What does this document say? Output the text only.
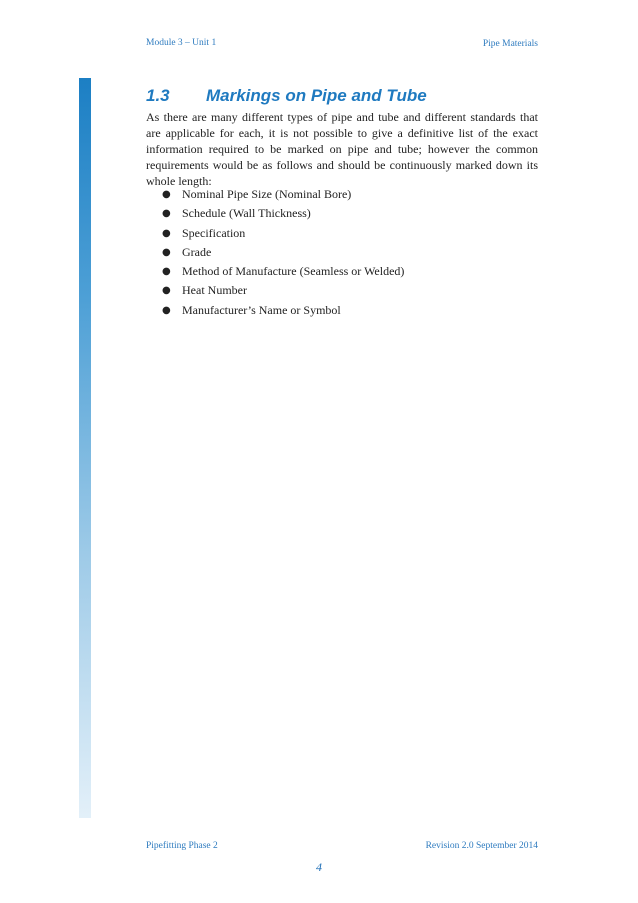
Module 3 – Unit 1	Pipe Materials
1.3 Markings on Pipe and Tube

As there are many different types of pipe and tube and different standards that are applicable for each, it is not possible to give a definitive list of the exact information required to be marked on pipe and tube; however the common requirements would be as follows and should be continuously marked down its whole length:

● Nominal Pipe Size (Nominal Bore)
● Schedule (Wall Thickness)
● Specification
● Grade
● Method of Manufacture (Seamless or Welded)
● Heat Number
● Manufacturer’s Name or Symbol
Pipefitting Phase 2	Revision 2.0 September 2014
4
